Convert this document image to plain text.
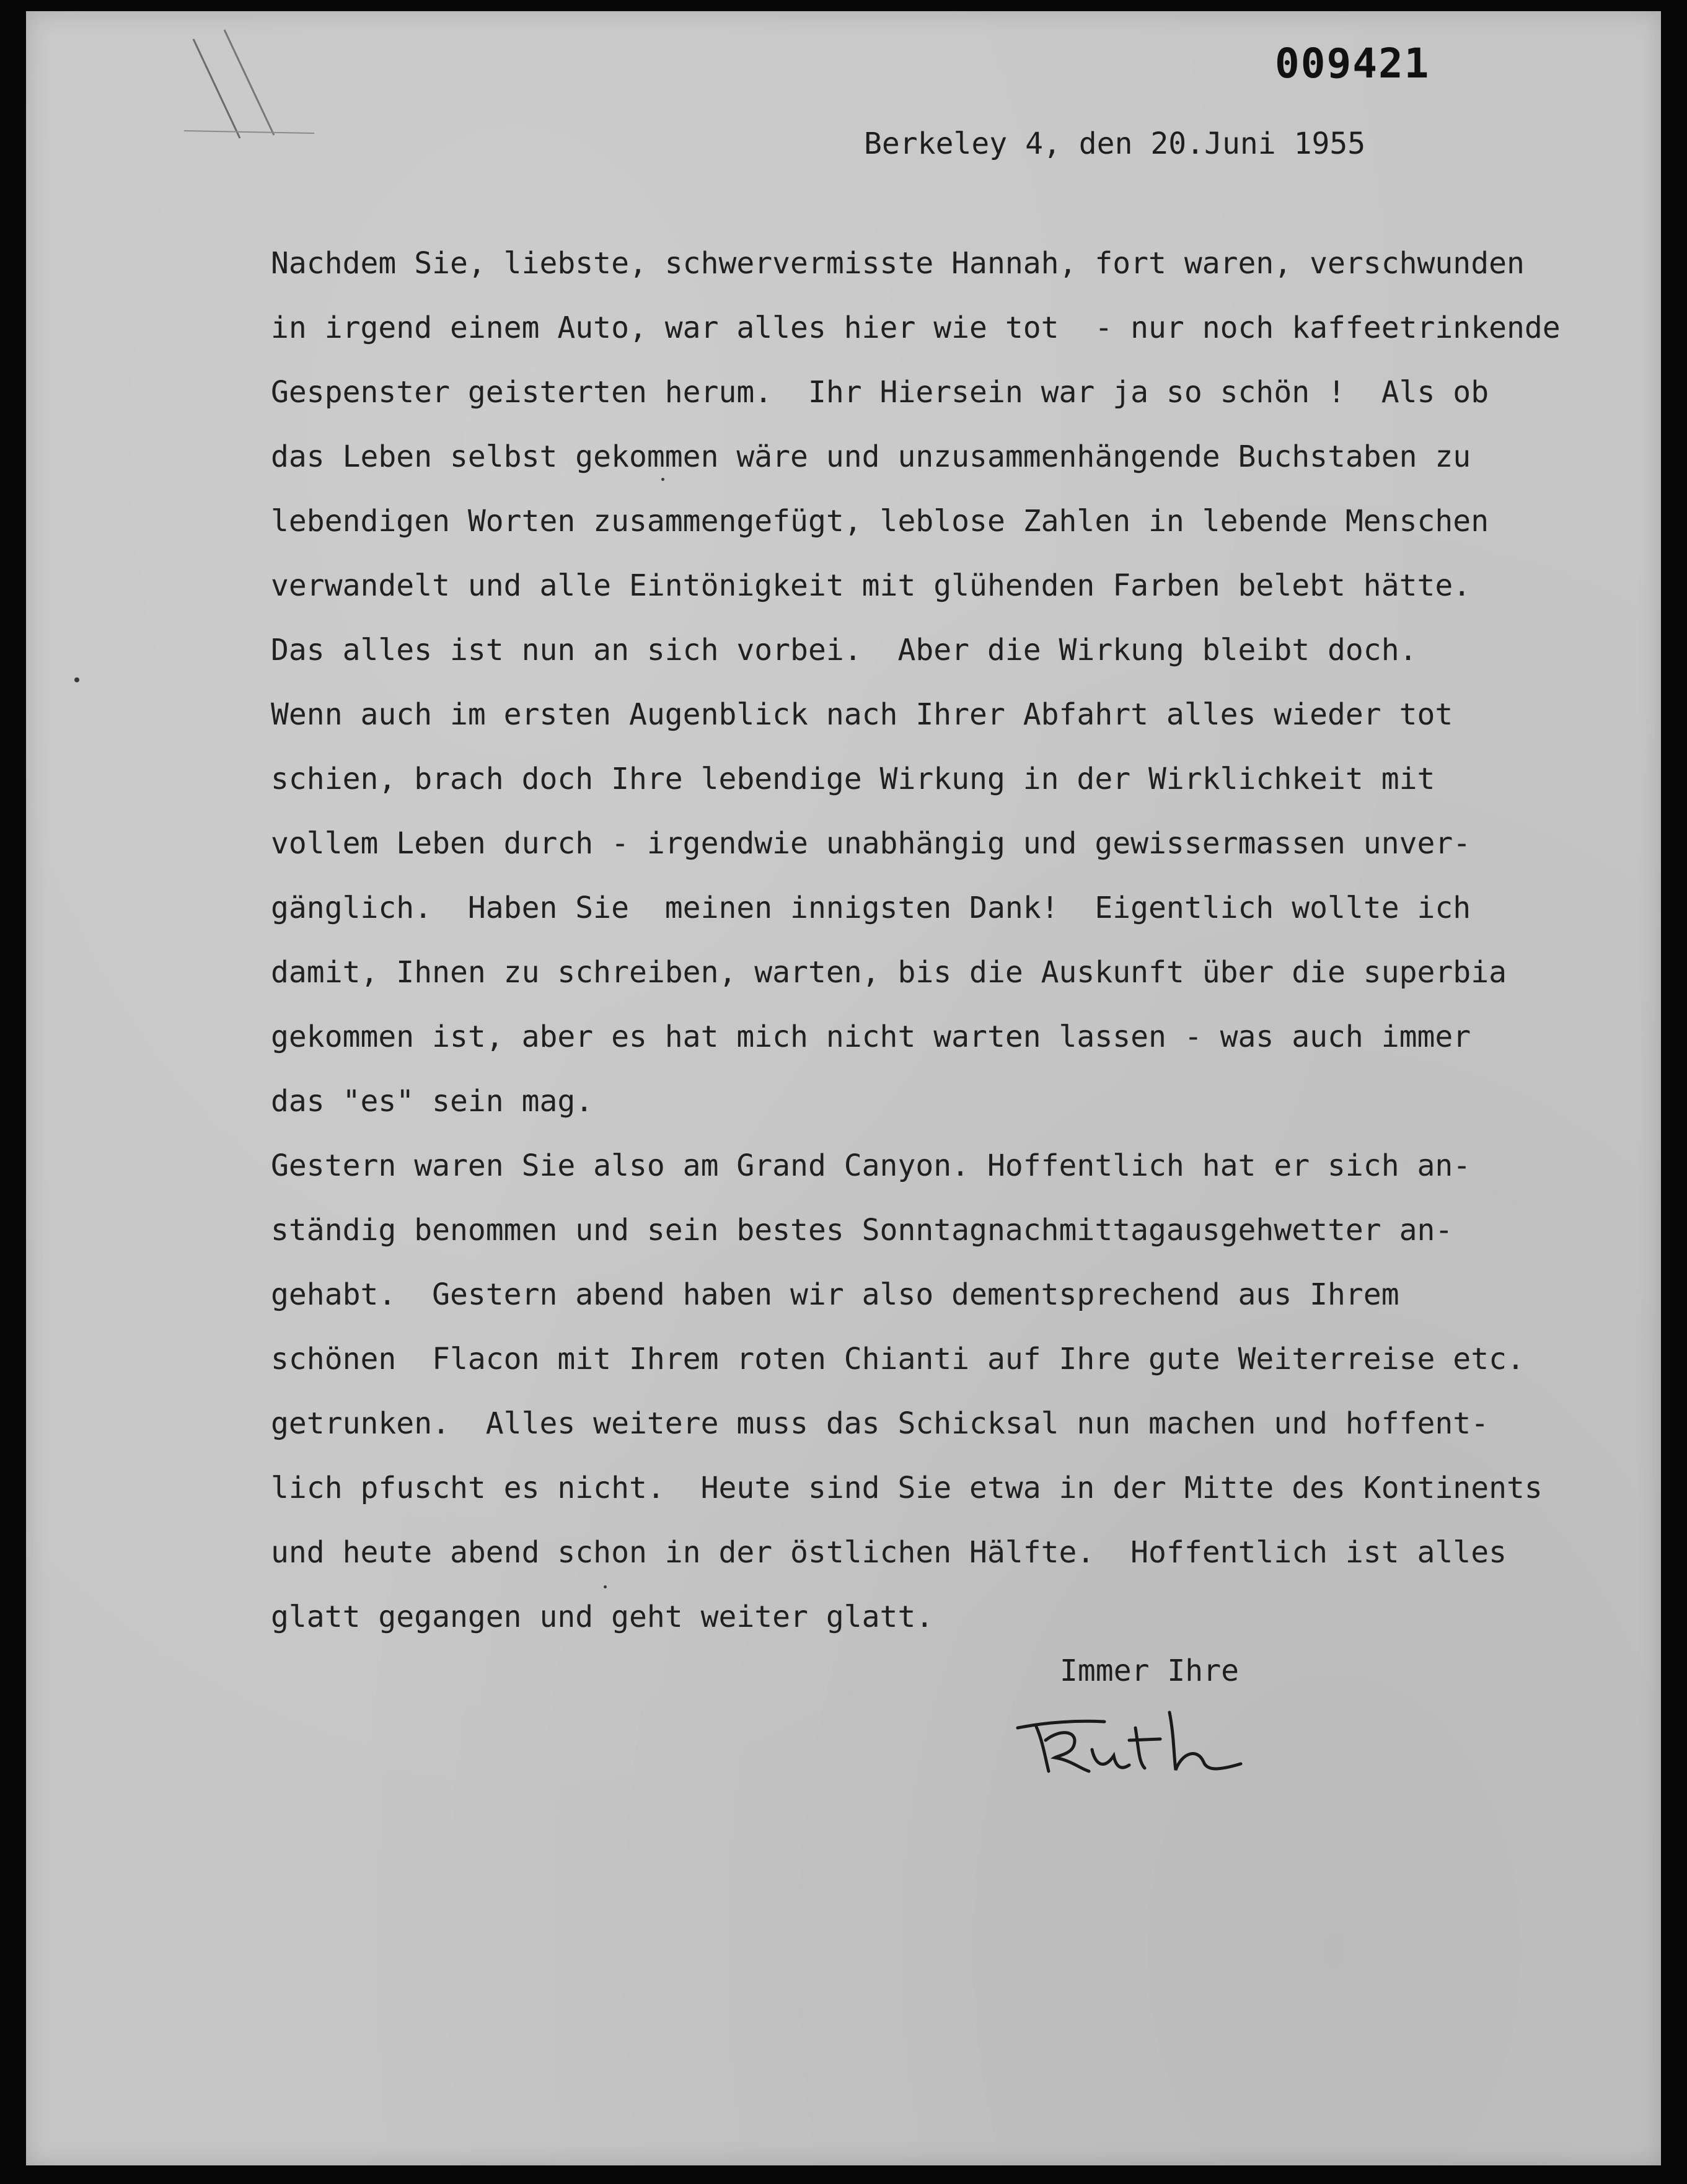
009421
Berkeley 4, den 20.Juni 1955
Nachdem Sie, liebste, schwervermisste Hannah, fort waren, verschwunden
in irgend einem Auto, war alles hier wie tot  - nur noch kaffeetrinkende
Gespenster geisterten herum.  Ihr Hiersein war ja so schön !  Als ob
das Leben selbst gekommen wäre und unzusammenhängende Buchstaben zu
lebendigen Worten zusammengefügt, leblose Zahlen in lebende Menschen
verwandelt und alle Eintönigkeit mit glühenden Farben belebt hätte.
Das alles ist nun an sich vorbei.  Aber die Wirkung bleibt doch.
Wenn auch im ersten Augenblick nach Ihrer Abfahrt alles wieder tot
schien, brach doch Ihre lebendige Wirkung in der Wirklichkeit mit
vollem Leben durch - irgendwie unabhängig und gewissermassen unver-
gänglich.  Haben Sie  meinen innigsten Dank!  Eigentlich wollte ich
damit, Ihnen zu schreiben, warten, bis die Auskunft über die superbia
gekommen ist, aber es hat mich nicht warten lassen - was auch immer
das "es" sein mag.
Gestern waren Sie also am Grand Canyon. Hoffentlich hat er sich an-
ständig benommen und sein bestes Sonntagnachmittagausgehwetter an-
gehabt.  Gestern abend haben wir also dementsprechend aus Ihrem
schönen  Flacon mit Ihrem roten Chianti auf Ihre gute Weiterreise etc.
getrunken.  Alles weitere muss das Schicksal nun machen und hoffent-
lich pfuscht es nicht.  Heute sind Sie etwa in der Mitte des Kontinents
und heute abend schon in der östlichen Hälfte.  Hoffentlich ist alles
glatt gegangen und geht weiter glatt.
Immer Ihre
